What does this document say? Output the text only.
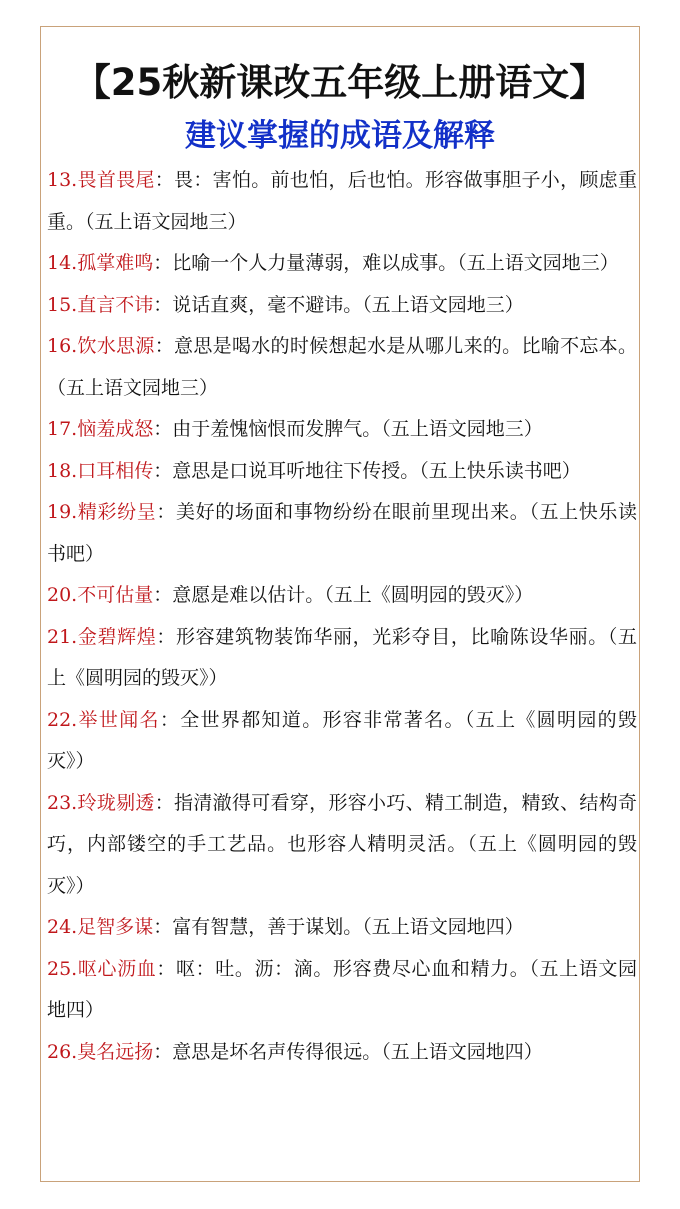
【25秋新课改五年级上册语文】
建议掌握的成语及解释
13.畏首畏尾：畏：害怕。前也怕，后也怕。形容做事胆子小，顾虑重重。（五上语文园地三）
14.孤掌难鸣：比喻一个人力量薄弱，难以成事。（五上语文园地三）
15.直言不讳：说话直爽，毫不避讳。（五上语文园地三）
16.饮水思源：意思是喝水的时候想起水是从哪儿来的。比喻不忘本。（五上语文园地三）
17.恼羞成怒：由于羞愧恼恨而发脾气。（五上语文园地三）
18.口耳相传：意思是口说耳听地往下传授。（五上快乐读书吧）
19.精彩纷呈：美好的场面和事物纷纷在眼前里现出来。（五上快乐读书吧）
20.不可估量：意愿是难以估计。（五上《圆明园的毁灭》）
21.金碧辉煌：形容建筑物装饰华丽，光彩夺目，比喻陈设华丽。（五上《圆明园的毁灭》）
22.举世闻名：全世界都知道。形容非常著名。（五上《圆明园的毁灭》）
23.玲珑剔透：指清澈得可看穿，形容小巧、精工制造，精致、结构奇巧，内部镂空的手工艺品。也形容人精明灵活。（五上《圆明园的毁灭》）
24.足智多谋：富有智慧，善于谋划。（五上语文园地四）
25.呕心沥血：呕：吐。沥：滴。形容费尽心血和精力。（五上语文园地四）
26.臭名远扬：意思是坏名声传得很远。（五上语文园地四）
